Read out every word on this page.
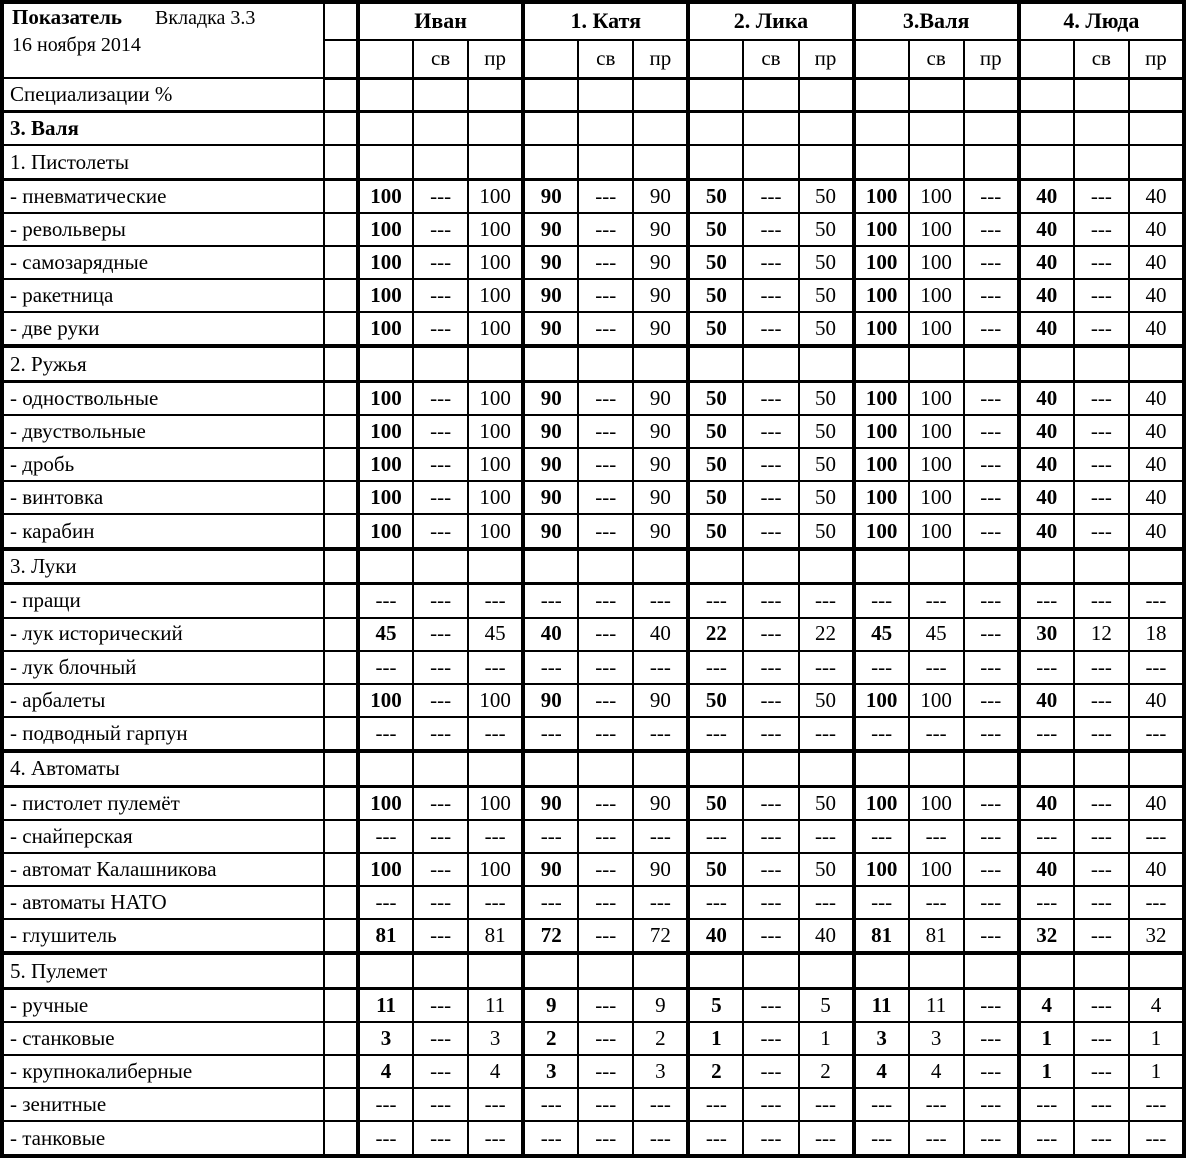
Показатель Вкладка 3.3
16 ноября 2014		Иван			1. Катя			2. Лика			3.Валя			4. Люда		
			св	пр		св	пр		св	пр		св	пр		св	пр
Специализации %																
3. Валя																
1. Пистолеты																
- пневматические		100	---	100	90	---	90	50	---	50	100	100	---	40	---	40
- револьверы		100	---	100	90	---	90	50	---	50	100	100	---	40	---	40
- самозарядные		100	---	100	90	---	90	50	---	50	100	100	---	40	---	40
- ракетница		100	---	100	90	---	90	50	---	50	100	100	---	40	---	40
- две руки		100	---	100	90	---	90	50	---	50	100	100	---	40	---	40
2. Ружья																
- одноствольные		100	---	100	90	---	90	50	---	50	100	100	---	40	---	40
- двуствольные		100	---	100	90	---	90	50	---	50	100	100	---	40	---	40
- дробь		100	---	100	90	---	90	50	---	50	100	100	---	40	---	40
- винтовка		100	---	100	90	---	90	50	---	50	100	100	---	40	---	40
- карабин		100	---	100	90	---	90	50	---	50	100	100	---	40	---	40
3. Луки																
- пращи		---	---	---	---	---	---	---	---	---	---	---	---	---	---	---
- лук исторический		45	---	45	40	---	40	22	---	22	45	45	---	30	12	18
- лук блочный		---	---	---	---	---	---	---	---	---	---	---	---	---	---	---
- арбалеты		100	---	100	90	---	90	50	---	50	100	100	---	40	---	40
- подводный гарпун		---	---	---	---	---	---	---	---	---	---	---	---	---	---	---
4. Автоматы																
- пистолет пулемёт		100	---	100	90	---	90	50	---	50	100	100	---	40	---	40
- снайперская		---	---	---	---	---	---	---	---	---	---	---	---	---	---	---
- автомат Калашникова		100	---	100	90	---	90	50	---	50	100	100	---	40	---	40
- автоматы НАТО		---	---	---	---	---	---	---	---	---	---	---	---	---	---	---
- глушитель		81	---	81	72	---	72	40	---	40	81	81	---	32	---	32
5. Пулемет																
- ручные		11	---	11	9	---	9	5	---	5	11	11	---	4	---	4
- станковые		3	---	3	2	---	2	1	---	1	3	3	---	1	---	1
- крупнокалиберные		4	---	4	3	---	3	2	---	2	4	4	---	1	---	1
- зенитные		---	---	---	---	---	---	---	---	---	---	---	---	---	---	---
- танковые		---	---	---	---	---	---	---	---	---	---	---	---	---	---	---
